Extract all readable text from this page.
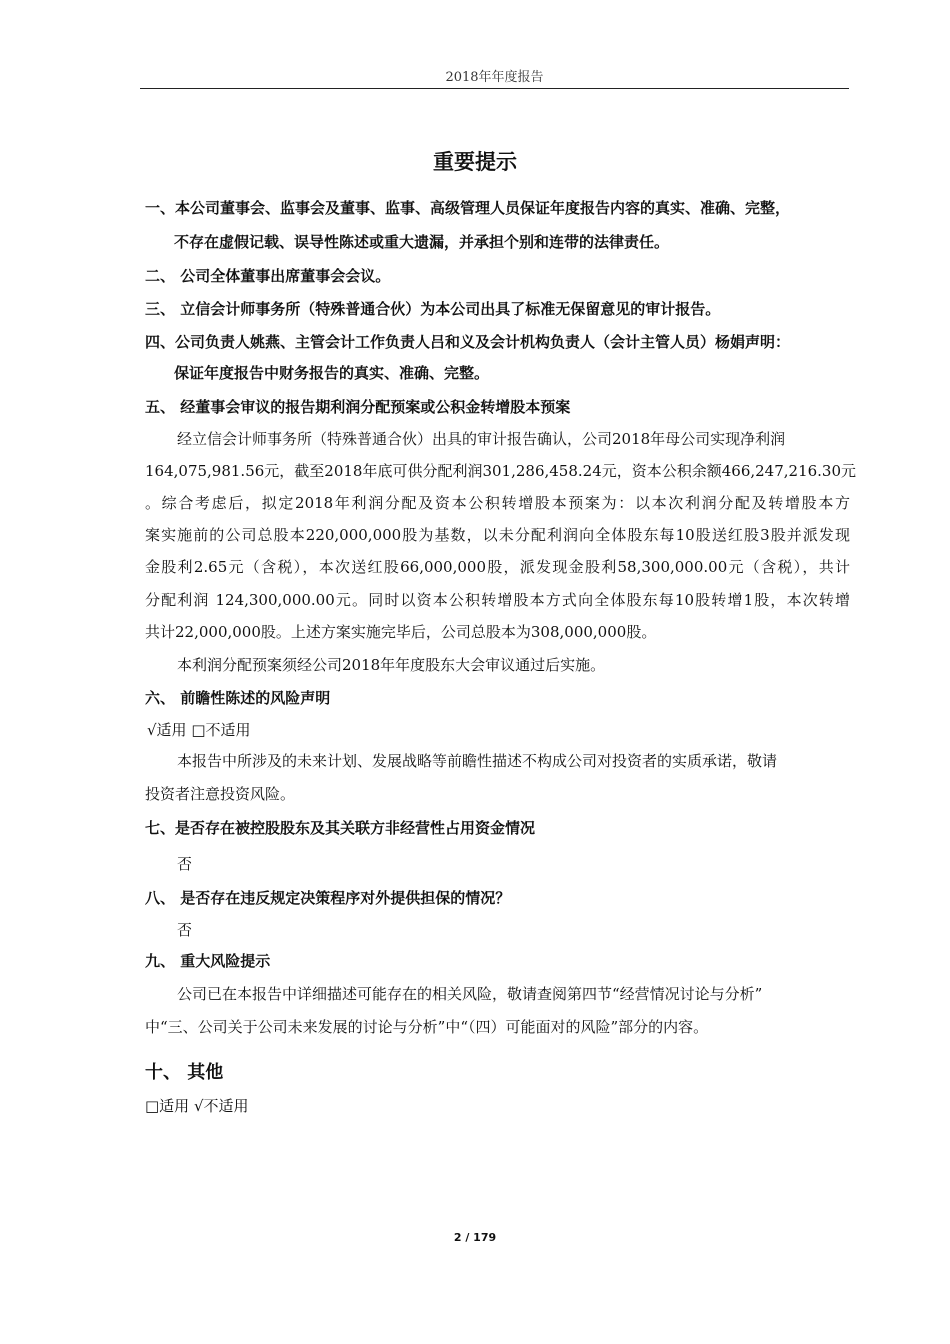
2018年年度报告
重要提示
一、本公司董事会、监事会及董事、监事、高级管理人员保证年度报告内容的真实、准确、完整，
不存在虚假记载、误导性陈述或重大遗漏，并承担个别和连带的法律责任。
二、 公司全体董事出席董事会会议。
三、 立信会计师事务所（特殊普通合伙）为本公司出具了标准无保留意见的审计报告。
四、公司负责人姚燕、主管会计工作负责人吕和义及会计机构负责人（会计主管人员）杨娟声明：
保证年度报告中财务报告的真实、准确、完整。
五、 经董事会审议的报告期利润分配预案或公积金转增股本预案
经立信会计师事务所（特殊普通合伙）出具的审计报告确认，公司2018年母公司实现净利润
164,075,981.56元，截至2018年底可供分配利润301,286,458.24元，资本公积余额466,247,216.30元
。综合考虑后，拟定2018年利润分配及资本公积转增股本预案为：以本次利润分配及转增股本方
案实施前的公司总股本220,000,000股为基数，以未分配利润向全体股东每10股送红股3股并派发现
金股利2.65元（含税），本次送红股66,000,000股，派发现金股利58,300,000.00元（含税），共计
分配利润 124,300,000.00元。同时以资本公积转增股本方式向全体股东每10股转增1股，本次转增
共计22,000,000股。上述方案实施完毕后，公司总股本为308,000,000股。
本利润分配预案须经公司2018年年度股东大会审议通过后实施。
六、 前瞻性陈述的风险声明
√适用 □不适用
本报告中所涉及的未来计划、发展战略等前瞻性描述不构成公司对投资者的实质承诺，敬请
投资者注意投资风险。
七、是否存在被控股股东及其关联方非经营性占用资金情况
否
八、 是否存在违反规定决策程序对外提供担保的情况？
否
九、 重大风险提示
公司已在本报告中详细描述可能存在的相关风险，敬请查阅第四节“经营情况讨论与分析”
中“三、公司关于公司未来发展的讨论与分析”中“（四）可能面对的风险”部分的内容。
十、 其他
□适用 √不适用
2 / 179
